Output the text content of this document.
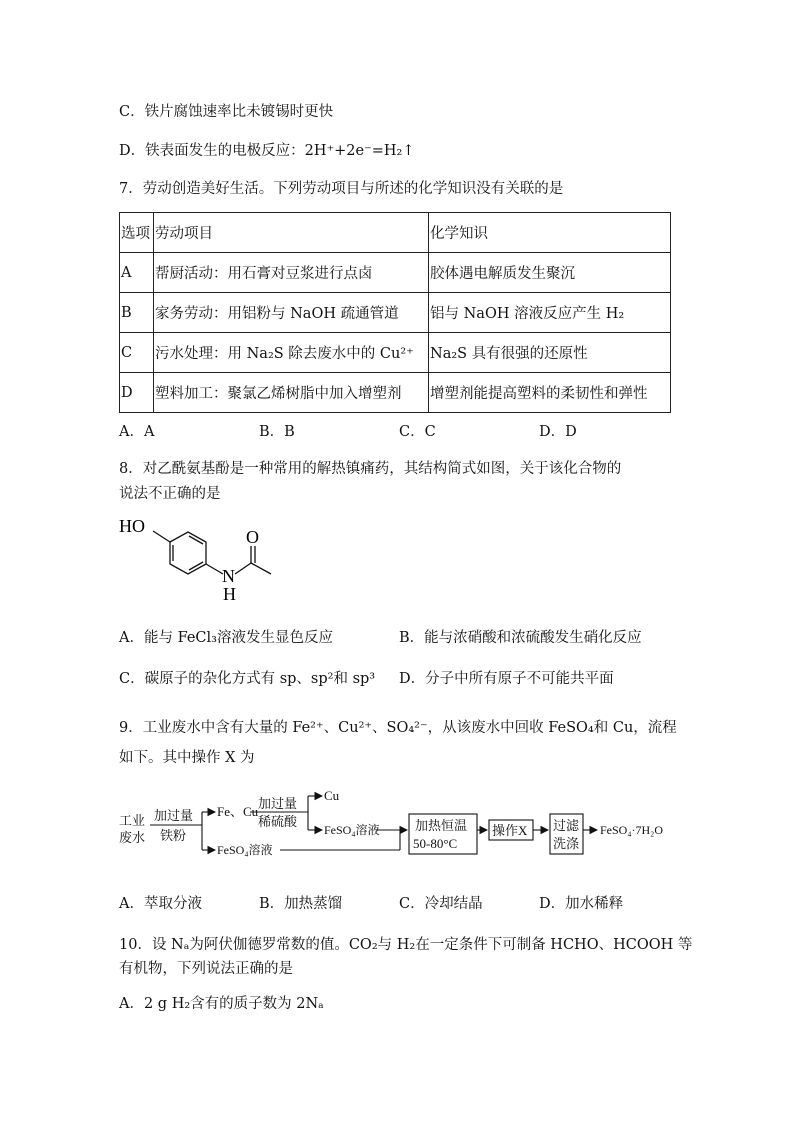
C．铁片腐蚀速率比未镀锡时更快
D．铁表面发生的电极反应：2H⁺+2e⁻=H₂↑
7．劳动创造美好生活。下列劳动项目与所述的化学知识没有关联的是
选项	劳动项目	化学知识
A	帮厨活动：用石膏对豆浆进行点卤	胶体遇电解质发生聚沉
B	家务劳动：用铝粉与 NaOH 疏通管道	铝与 NaOH 溶液反应产生 H₂
C	污水处理：用 Na₂S 除去废水中的 Cu²⁺	Na₂S 具有很强的还原性
D	塑料加工：聚氯乙烯树脂中加入增塑剂	增塑剂能提高塑料的柔韧性和弹性
A．A	B．B	C．C	D．D
8．对乙酰氨基酚是一种常用的解热镇痛药，其结构简式如图，关于该化合物的
说法不正确的是
HO
O
N
H
A．能与 FeCl₃溶液发生显色反应	B．能与浓硝酸和浓硫酸发生硝化反应
C．碳原子的杂化方式有 sp、sp²和 sp³ D．分子中所有原子不可能共平面
9．工业废水中含有大量的 Fe²⁺、Cu²⁺、SO₄²⁻，从该废水中回收 FeSO₄和 Cu，流程
如下。其中操作 X 为
工业
废水
加过量
铁粉
Fe、Cu
FeSO₄溶液
加过量
稀硫酸
Cu
FeSO₄溶液	加热恒温
50-80°C
操作X 过滤
洗涤
FeSO₄·7H₂O
A．萃取分液	B．加热蒸馏	C．冷却结晶	D．加水稀释
10．设 Nₐ为阿伏伽德罗常数的值。CO₂与 H₂在一定条件下可制备 HCHO、HCOOH 等
有机物，下列说法正确的是
A．2 g H₂含有的质子数为 2Nₐ
